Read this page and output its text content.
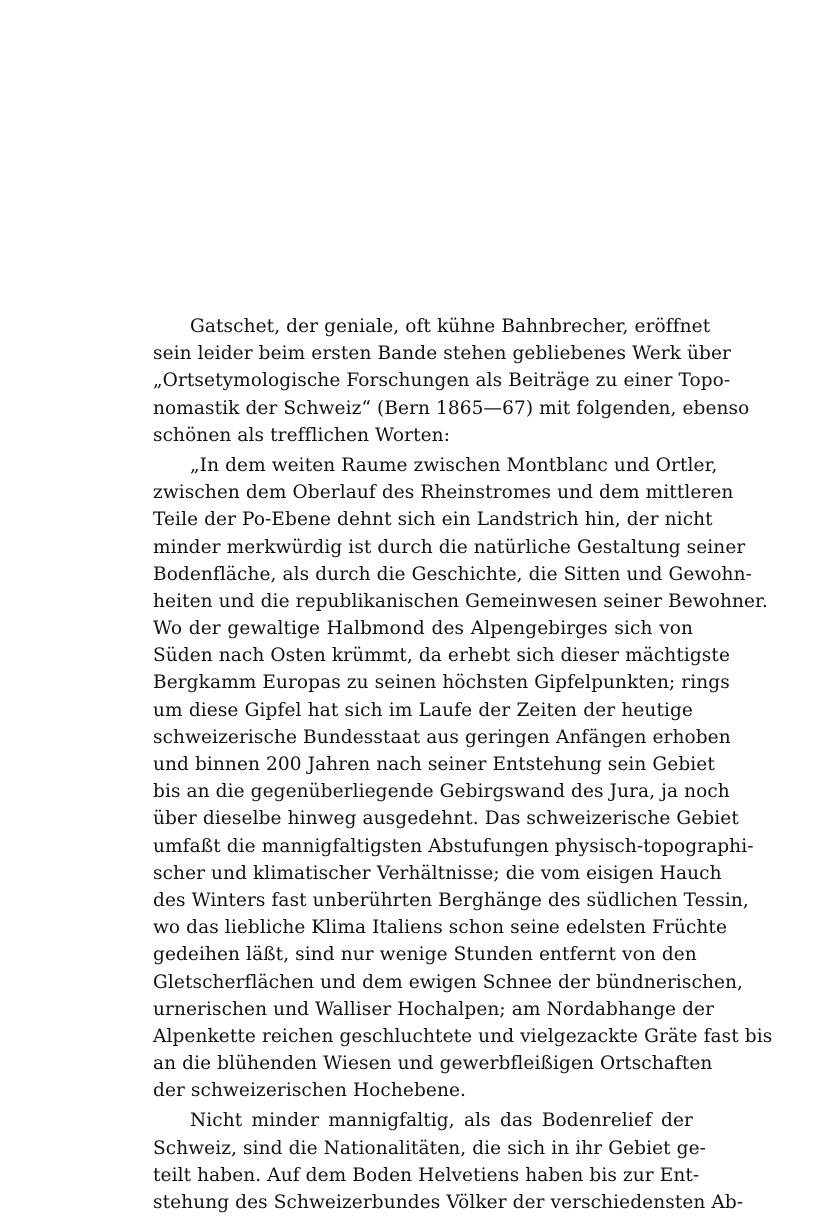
Gatschet, der geniale, oft kühne Bahnbrecher, eröffnet
sein leider beim ersten Bande stehen gebliebenes Werk über
„Ortsetymologische Forschungen als Beiträge zu einer Topo-
nomastik der Schweiz“ (Bern 1865—67) mit folgenden, ebenso
schönen als trefflichen Worten:
„In dem weiten Raume zwischen Montblanc und Ortler,
zwischen dem Oberlauf des Rheinstromes und dem mittleren
Teile der Po-Ebene dehnt sich ein Landstrich hin, der nicht
minder merkwürdig ist durch die natürliche Gestaltung seiner
Bodenfläche, als durch die Geschichte, die Sitten und Gewohn-
heiten und die republikanischen Gemeinwesen seiner Bewohner.
Wo der gewaltige Halbmond des Alpengebirges sich von
Süden nach Osten krümmt, da erhebt sich dieser mächtigste
Bergkamm Europas zu seinen höchsten Gipfelpunkten; rings
um diese Gipfel hat sich im Laufe der Zeiten der heutige
schweizerische Bundesstaat aus geringen Anfängen erhoben
und binnen 200 Jahren nach seiner Entstehung sein Gebiet
bis an die gegenüberliegende Gebirgswand des Jura, ja noch
über dieselbe hinweg ausgedehnt. Das schweizerische Gebiet
umfaßt die mannigfaltigsten Abstufungen physisch-topographi-
scher und klimatischer Verhältnisse; die vom eisigen Hauch
des Winters fast unberührten Berghänge des südlichen Tessin,
wo das liebliche Klima Italiens schon seine edelsten Früchte
gedeihen läßt, sind nur wenige Stunden entfernt von den
Gletscherflächen und dem ewigen Schnee der bündnerischen,
urnerischen und Walliser Hochalpen; am Nordabhange der
Alpenkette reichen geschluchtete und vielgezackte Gräte fast bis
an die blühenden Wiesen und gewerbfleißigen Ortschaften
der schweizerischen Hochebene.
Nicht minder mannigfaltig, als das Bodenrelief der
Schweiz, sind die Nationalitäten, die sich in ihr Gebiet ge-
teilt haben. Auf dem Boden Helvetiens haben bis zur Ent-
stehung des Schweizerbundes Völker der verschiedensten Ab-
